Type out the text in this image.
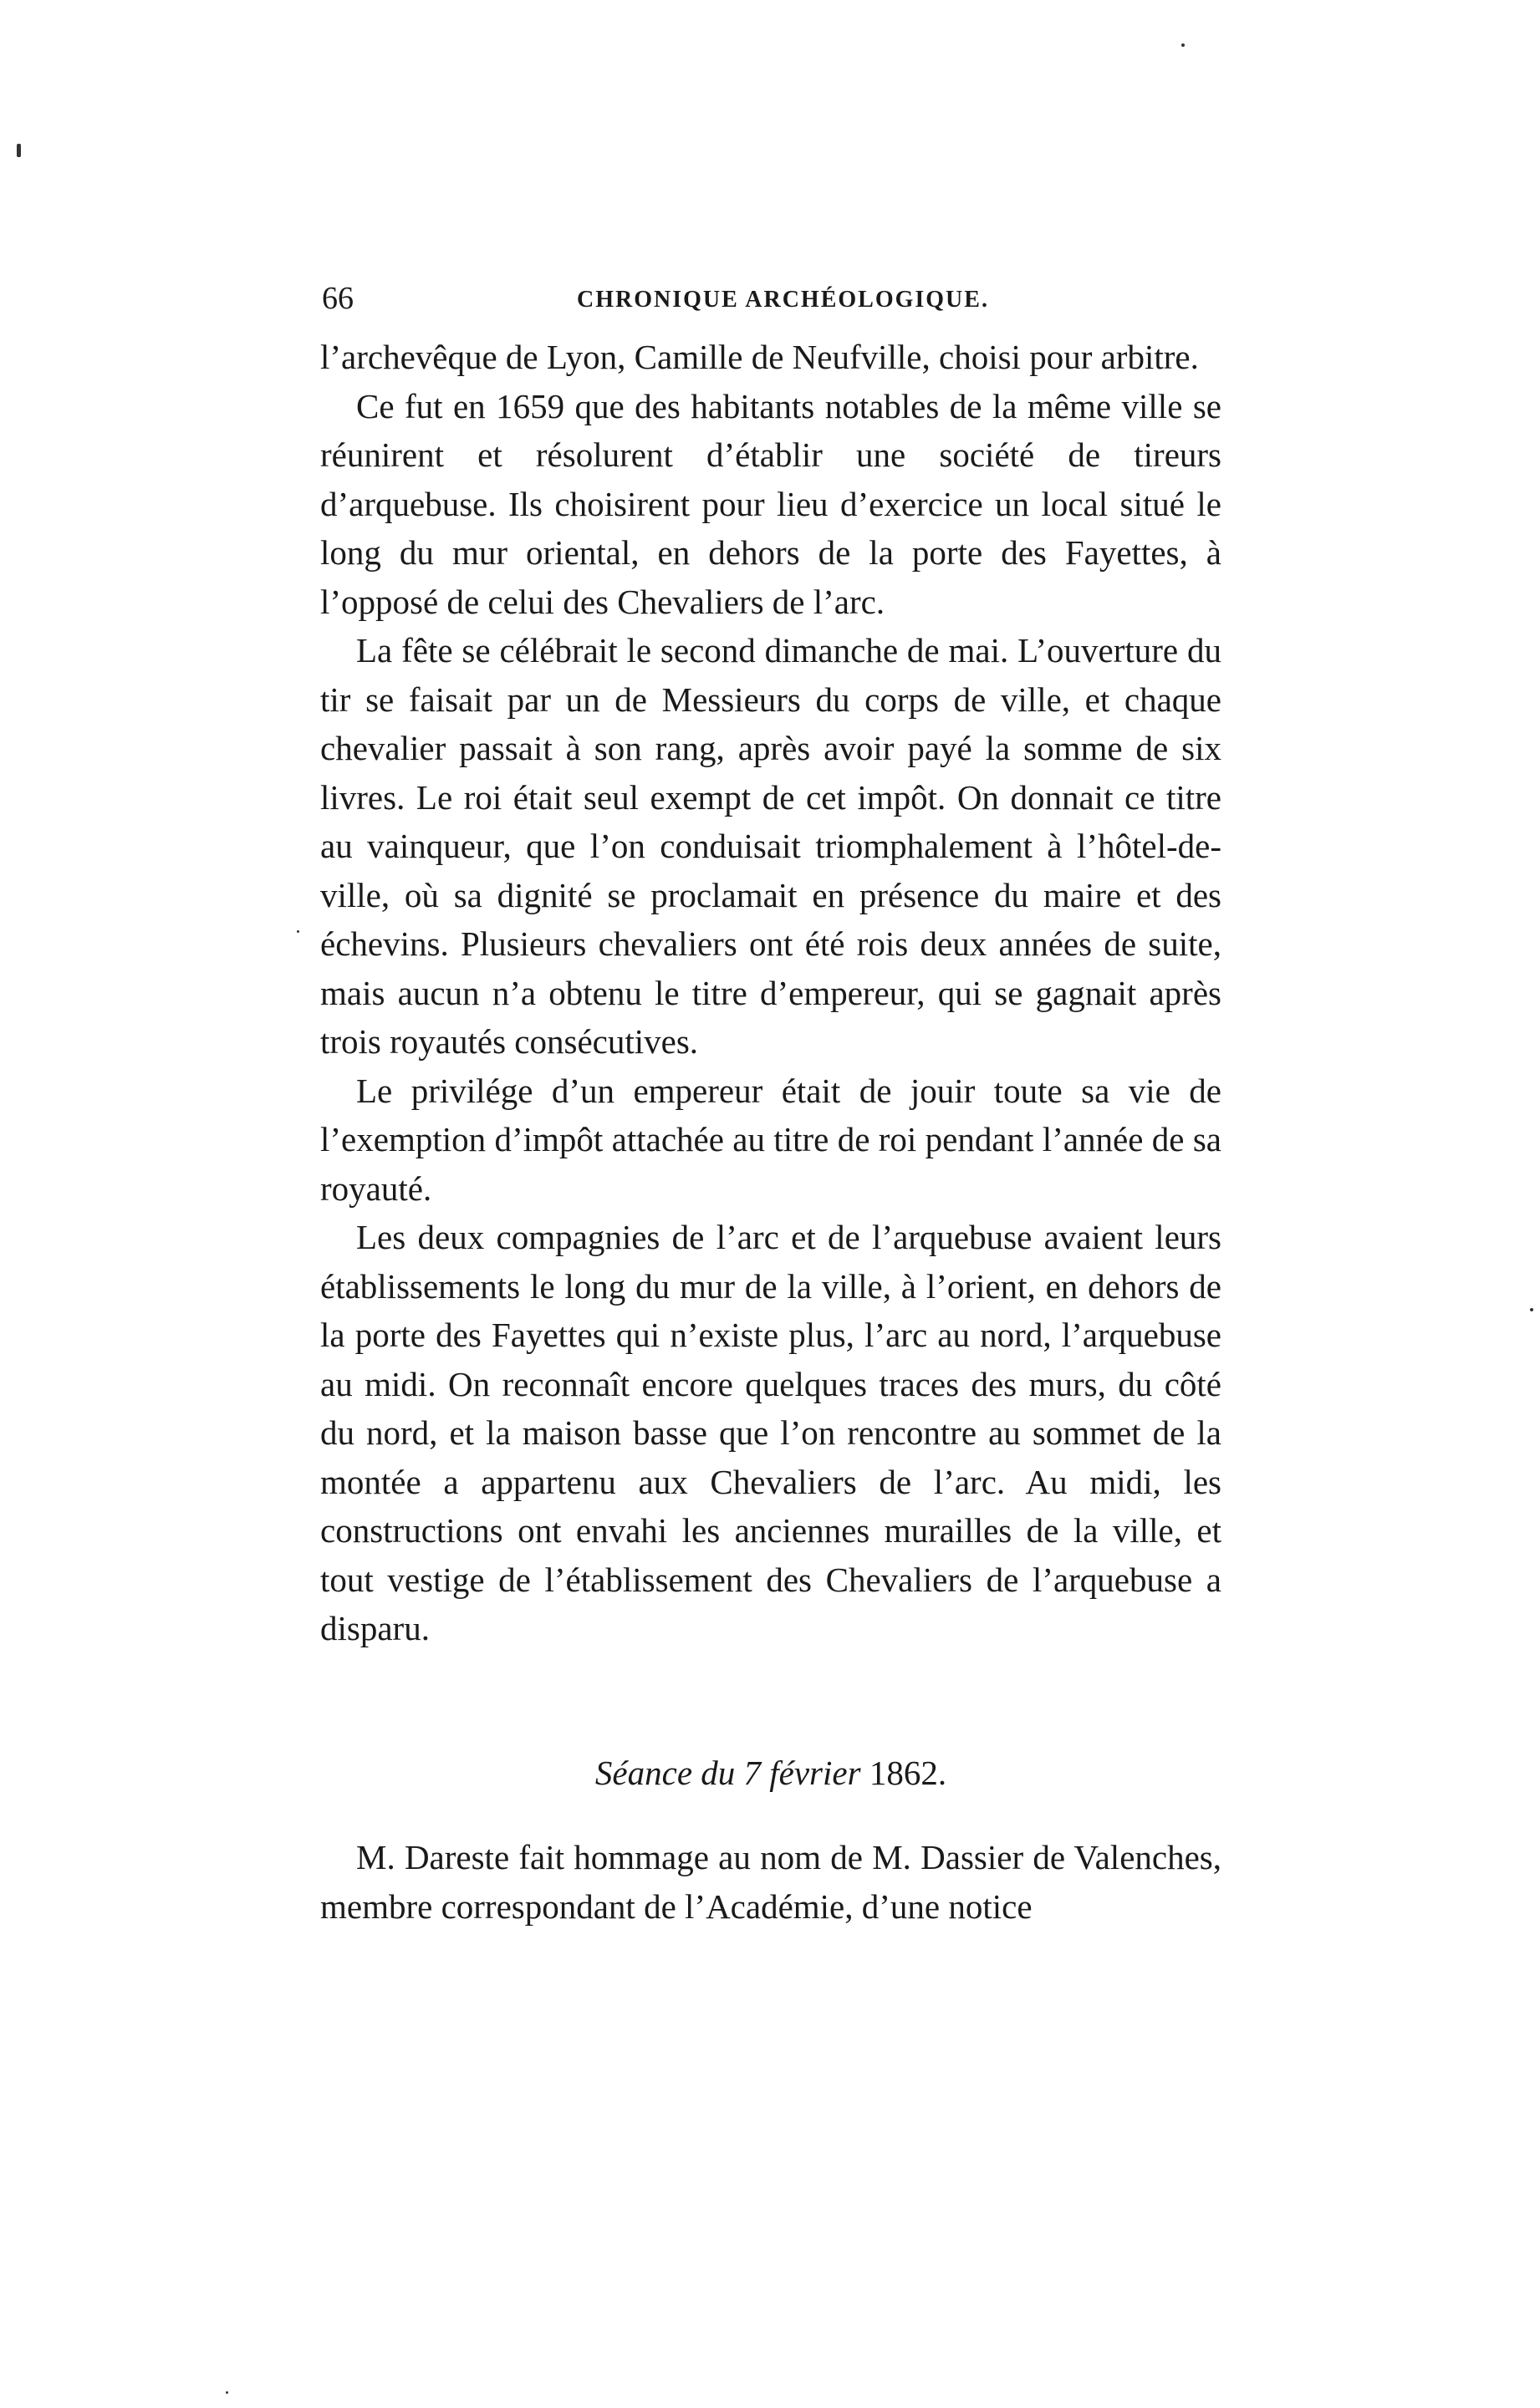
66	CHRONIQUE ARCHÉOLOGIQUE.

l’archevêque de Lyon, Camille de Neufville, choisi pour arbitre.

Ce fut en 1659 que des habitants notables de la même ville se réunirent et résolurent d’établir une société de tireurs d’arquebuse. Ils choisirent pour lieu d’exercice un local situé le long du mur oriental, en dehors de la porte des Fayettes, à l’opposé de celui des Chevaliers de l’arc.

La fête se célébrait le second dimanche de mai. L’ouverture du tir se faisait par un de Messieurs du corps de ville, et chaque chevalier passait à son rang, après avoir payé la somme de six livres. Le roi était seul exempt de cet impôt. On donnait ce titre au vainqueur, que l’on conduisait triomphalement à l’hôtel-de-ville, où sa dignité se proclamait en présence du maire et des échevins. Plusieurs chevaliers ont été rois deux années de suite, mais aucun n’a obtenu le titre d’empereur, qui se gagnait après trois royautés consécutives.

Le privilége d’un empereur était de jouir toute sa vie de l’exemption d’impôt attachée au titre de roi pendant l’année de sa royauté.

Les deux compagnies de l’arc et de l’arquebuse avaient leurs établissements le long du mur de la ville, à l’orient, en dehors de la porte des Fayettes qui n’existe plus, l’arc au nord, l’arquebuse au midi. On reconnaît encore quelques traces des murs, du côté du nord, et la maison basse que l’on rencontre au sommet de la montée a appartenu aux Chevaliers de l’arc. Au midi, les constructions ont envahi les anciennes murailles de la ville, et tout vestige de l’établissement des Chevaliers de l’arquebuse a disparu.

Séance du 7 février 1862.

M. Dareste fait hommage au nom de M. Dassier de Valenches, membre correspondant de l’Académie, d’une notice
